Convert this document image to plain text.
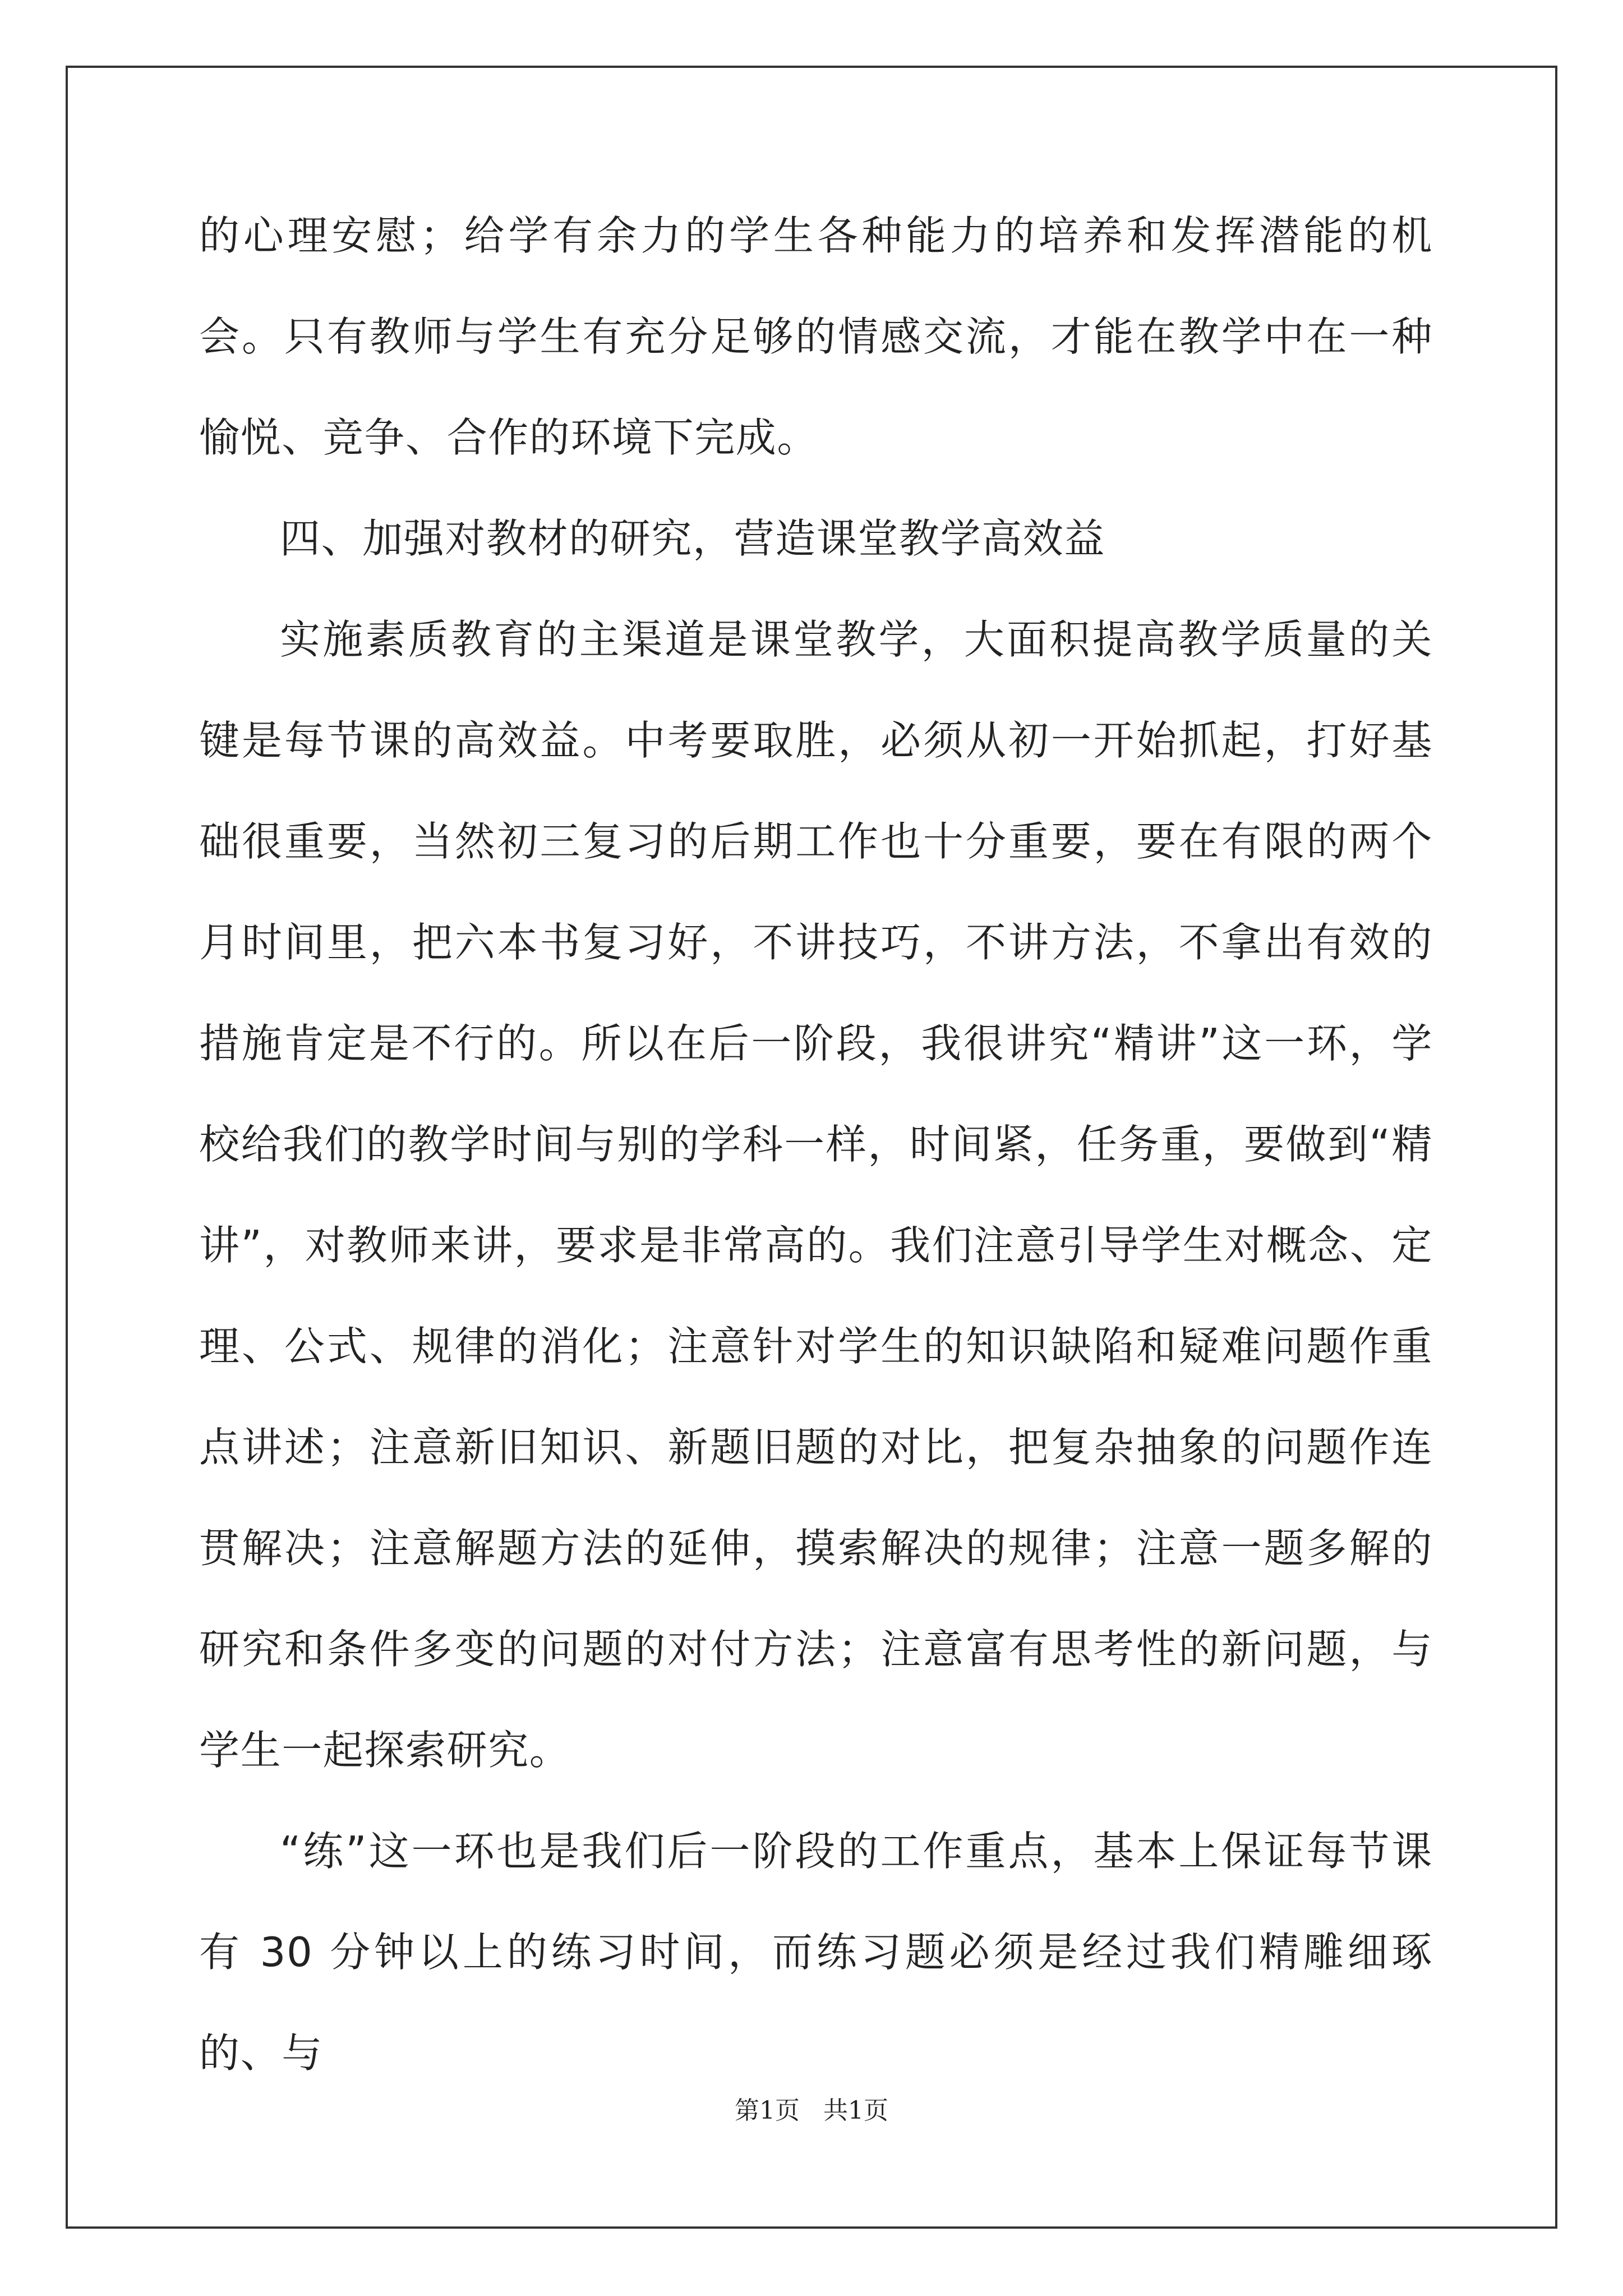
的心理安慰；给学有余力的学生各种能力的培养和发挥潜能的机会。只有教师与学生有充分足够的情感交流，才能在教学中在一种愉悦、竞争、合作的环境下完成。

四、加强对教材的研究，营造课堂教学高效益

实施素质教育的主渠道是课堂教学，大面积提高教学质量的关键是每节课的高效益。中考要取胜，必须从初一开始抓起，打好基础很重要，当然初三复习的后期工作也十分重要，要在有限的两个月时间里，把六本书复习好，不讲技巧，不讲方法，不拿出有效的措施肯定是不行的。所以在后一阶段，我很讲究“精讲”这一环，学校给我们的教学时间与别的学科一样，时间紧，任务重，要做到“精讲”，对教师来讲，要求是非常高的。我们注意引导学生对概念、定理、公式、规律的消化；注意针对学生的知识缺陷和疑难问题作重点讲述；注意新旧知识、新题旧题的对比，把复杂抽象的问题作连贯解决；注意解题方法的延伸，摸索解决的规律；注意一题多解的研究和条件多变的问题的对付方法；注意富有思考性的新问题，与学生一起探索研究。

“练”这一环也是我们后一阶段的工作重点，基本上保证每节课有 30 分钟以上的练习时间，而练习题必须是经过我们精雕细琢的、与

第1页   共1页
